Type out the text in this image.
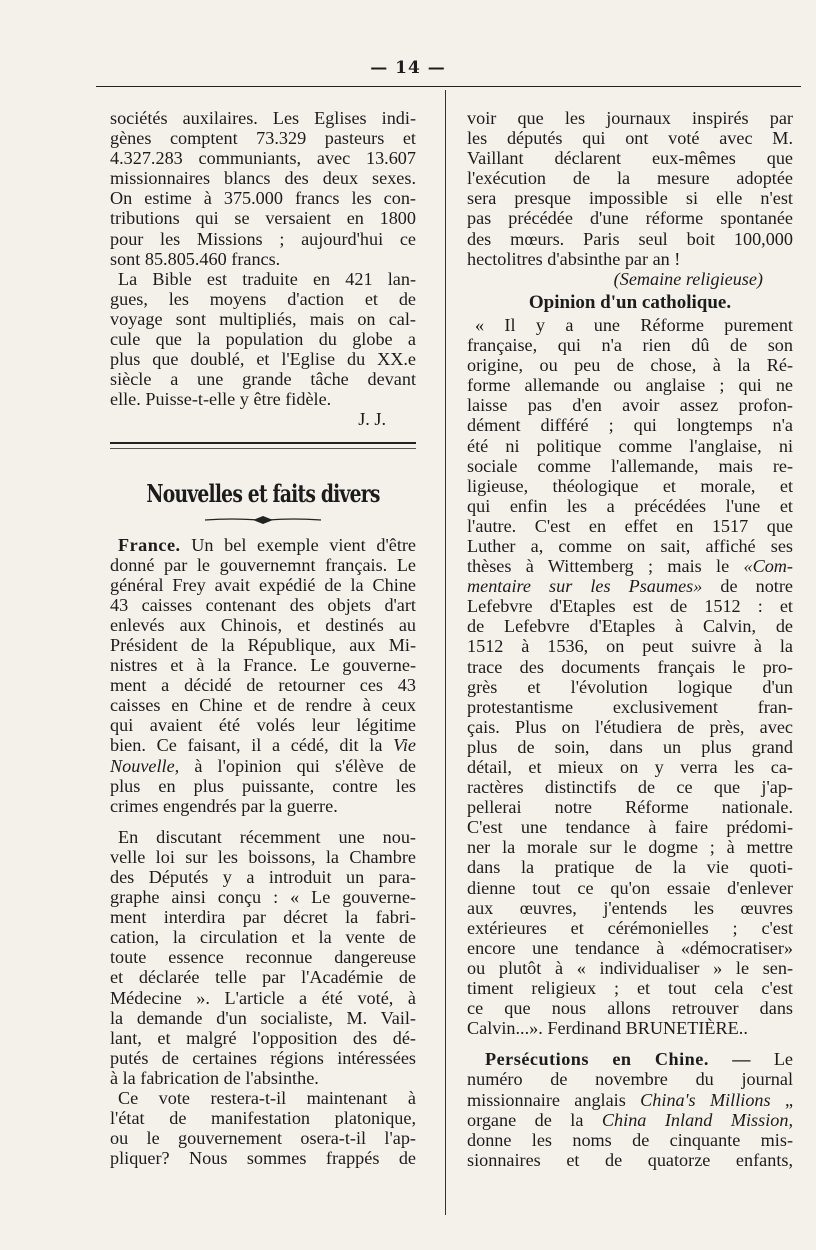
— 14 —
sociétés auxilaires. Les Eglises indi-
gènes comptent 73.329 pasteurs et
4.327.283 communiants, avec 13.607
missionnaires blancs des deux sexes.
On estime à 375.000 francs les con-
tributions qui se versaient en 1800
pour les Missions ; aujourd'hui ce
sont 85.805.460 francs.
La Bible est traduite en 421 lan-
gues, les moyens d'action et de
voyage sont multipliés, mais on cal-
cule que la population du globe a
plus que doublé, et l'Eglise du XX.e
siècle a une grande tâche devant
elle. Puisse-t-elle y être fidèle.
J. J.
Nouvelles et faits divers
France. Un bel exemple vient d'être
donné par le gouvernemnt français. Le
général Frey avait expédié de la Chine
43 caisses contenant des objets d'art
enlevés aux Chinois, et destinés au
Président de la République, aux Mi-
nistres et à la France. Le gouverne-
ment a décidé de retourner ces 43
caisses en Chine et de rendre à ceux
qui avaient été volés leur légitime
bien. Ce faisant, il a cédé, dit la Vie
Nouvelle, à l'opinion qui s'élève de
plus en plus puissante, contre les
crimes engendrés par la guerre.
En discutant récemment une nou-
velle loi sur les boissons, la Chambre
des Députés y a introduit un para-
graphe ainsi conçu : « Le gouverne-
ment interdira par décret la fabri-
cation, la circulation et la vente de
toute essence reconnue dangereuse
et déclarée telle par l'Académie de
Médecine ». L'article a été voté, à
la demande d'un socialiste, M. Vail-
lant, et malgré l'opposition des dé-
putés de certaines régions intéressées
à la fabrication de l'absinthe.
Ce vote restera-t-il maintenant à
l'état de manifestation platonique,
ou le gouvernement osera-t-il l'ap-
pliquer? Nous sommes frappés de
voir que les journaux inspirés par
les députés qui ont voté avec M.
Vaillant déclarent eux-mêmes que
l'exécution de la mesure adoptée
sera presque impossible si elle n'est
pas précédée d'une réforme spontanée
des mœurs. Paris seul boit 100,000
hectolitres d'absinthe par an !
(Semaine religieuse)
Opinion d'un catholique.
« Il y a une Réforme purement
française, qui n'a rien dû de son
origine, ou peu de chose, à la Ré-
forme allemande ou anglaise ; qui ne
laisse pas d'en avoir assez profon-
dément différé ; qui longtemps n'a
été ni politique comme l'anglaise, ni
sociale comme l'allemande, mais re-
ligieuse, théologique et morale, et
qui enfin les a précédées l'une et
l'autre. C'est en effet en 1517 que
Luther a, comme on sait, affiché ses
thèses à Wittemberg ; mais le «Com-
mentaire sur les Psaumes» de notre
Lefebvre d'Etaples est de 1512 : et
de Lefebvre d'Etaples à Calvin, de
1512 à 1536, on peut suivre à la
trace des documents français le pro-
grès et l'évolution logique d'un
protestantisme exclusivement fran-
çais. Plus on l'étudiera de près, avec
plus de soin, dans un plus grand
détail, et mieux on y verra les ca-
ractères distinctifs de ce que j'ap-
pellerai notre Réforme nationale.
C'est une tendance à faire prédomi-
ner la morale sur le dogme ; à mettre
dans la pratique de la vie quoti-
dienne tout ce qu'on essaie d'enlever
aux œuvres, j'entends les œuvres
extérieures et cérémonielles ; c'est
encore une tendance à «démocratiser»
ou plutôt à « individualiser » le sen-
timent religieux ; et tout cela c'est
ce que nous allons retrouver dans
Calvin...». Ferdinand BRUNETIÈRE..
Persécutions en Chine. — Le
numéro de novembre du journal
missionnaire anglais China's Millions „
organe de la China Inland Mission,
donne les noms de cinquante mis-
sionnaires et de quatorze enfants,
